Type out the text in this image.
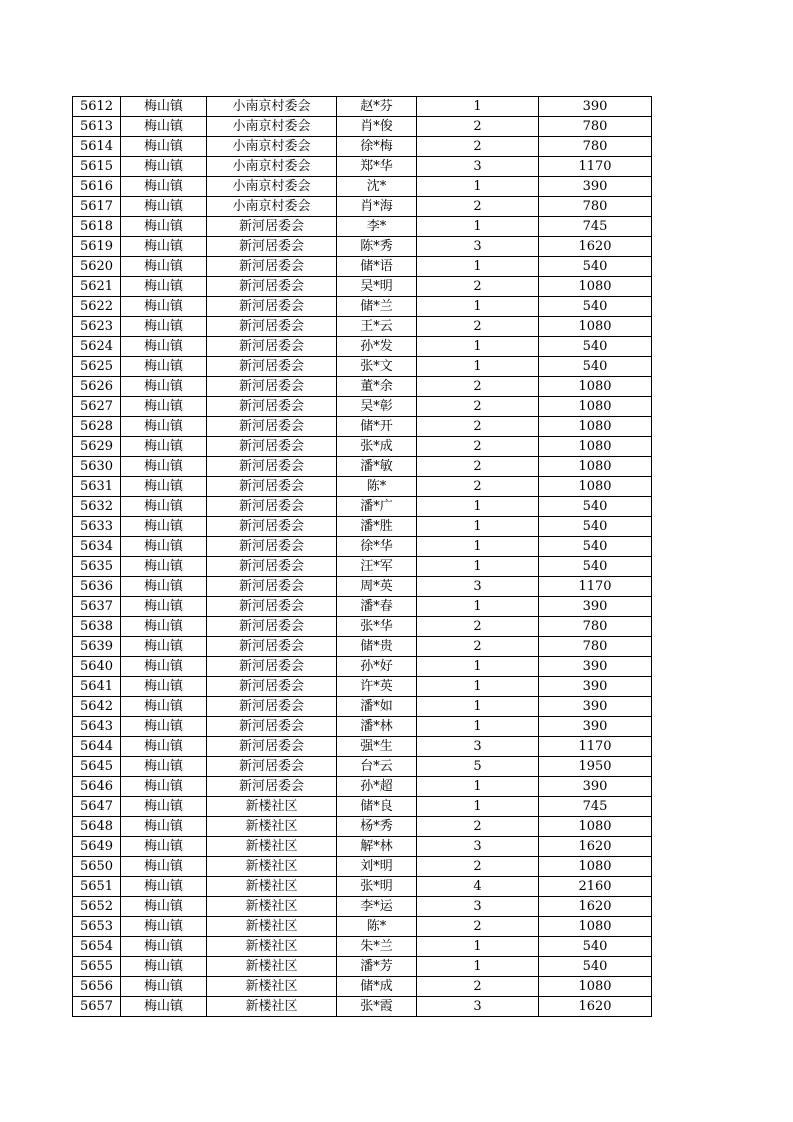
5612	梅山镇	小南京村委会	赵*芬	1	390
5613	梅山镇	小南京村委会	肖*俊	2	780
5614	梅山镇	小南京村委会	徐*梅	2	780
5615	梅山镇	小南京村委会	郑*华	3	1170
5616	梅山镇	小南京村委会	沈*	1	390
5617	梅山镇	小南京村委会	肖*海	2	780
5618	梅山镇	新河居委会	李*	1	745
5619	梅山镇	新河居委会	陈*秀	3	1620
5620	梅山镇	新河居委会	储*语	1	540
5621	梅山镇	新河居委会	吴*明	2	1080
5622	梅山镇	新河居委会	储*兰	1	540
5623	梅山镇	新河居委会	王*云	2	1080
5624	梅山镇	新河居委会	孙*发	1	540
5625	梅山镇	新河居委会	张*文	1	540
5626	梅山镇	新河居委会	董*余	2	1080
5627	梅山镇	新河居委会	吴*彰	2	1080
5628	梅山镇	新河居委会	储*开	2	1080
5629	梅山镇	新河居委会	张*成	2	1080
5630	梅山镇	新河居委会	潘*敏	2	1080
5631	梅山镇	新河居委会	陈*	2	1080
5632	梅山镇	新河居委会	潘*广	1	540
5633	梅山镇	新河居委会	潘*胜	1	540
5634	梅山镇	新河居委会	徐*华	1	540
5635	梅山镇	新河居委会	汪*军	1	540
5636	梅山镇	新河居委会	周*英	3	1170
5637	梅山镇	新河居委会	潘*春	1	390
5638	梅山镇	新河居委会	张*华	2	780
5639	梅山镇	新河居委会	储*贵	2	780
5640	梅山镇	新河居委会	孙*好	1	390
5641	梅山镇	新河居委会	许*英	1	390
5642	梅山镇	新河居委会	潘*如	1	390
5643	梅山镇	新河居委会	潘*林	1	390
5644	梅山镇	新河居委会	强*生	3	1170
5645	梅山镇	新河居委会	台*云	5	1950
5646	梅山镇	新河居委会	孙*超	1	390
5647	梅山镇	新楼社区	储*良	1	745
5648	梅山镇	新楼社区	杨*秀	2	1080
5649	梅山镇	新楼社区	解*林	3	1620
5650	梅山镇	新楼社区	刘*明	2	1080
5651	梅山镇	新楼社区	张*明	4	2160
5652	梅山镇	新楼社区	李*运	3	1620
5653	梅山镇	新楼社区	陈*	2	1080
5654	梅山镇	新楼社区	朱*兰	1	540
5655	梅山镇	新楼社区	潘*芳	1	540
5656	梅山镇	新楼社区	储*成	2	1080
5657	梅山镇	新楼社区	张*霞	3	1620
